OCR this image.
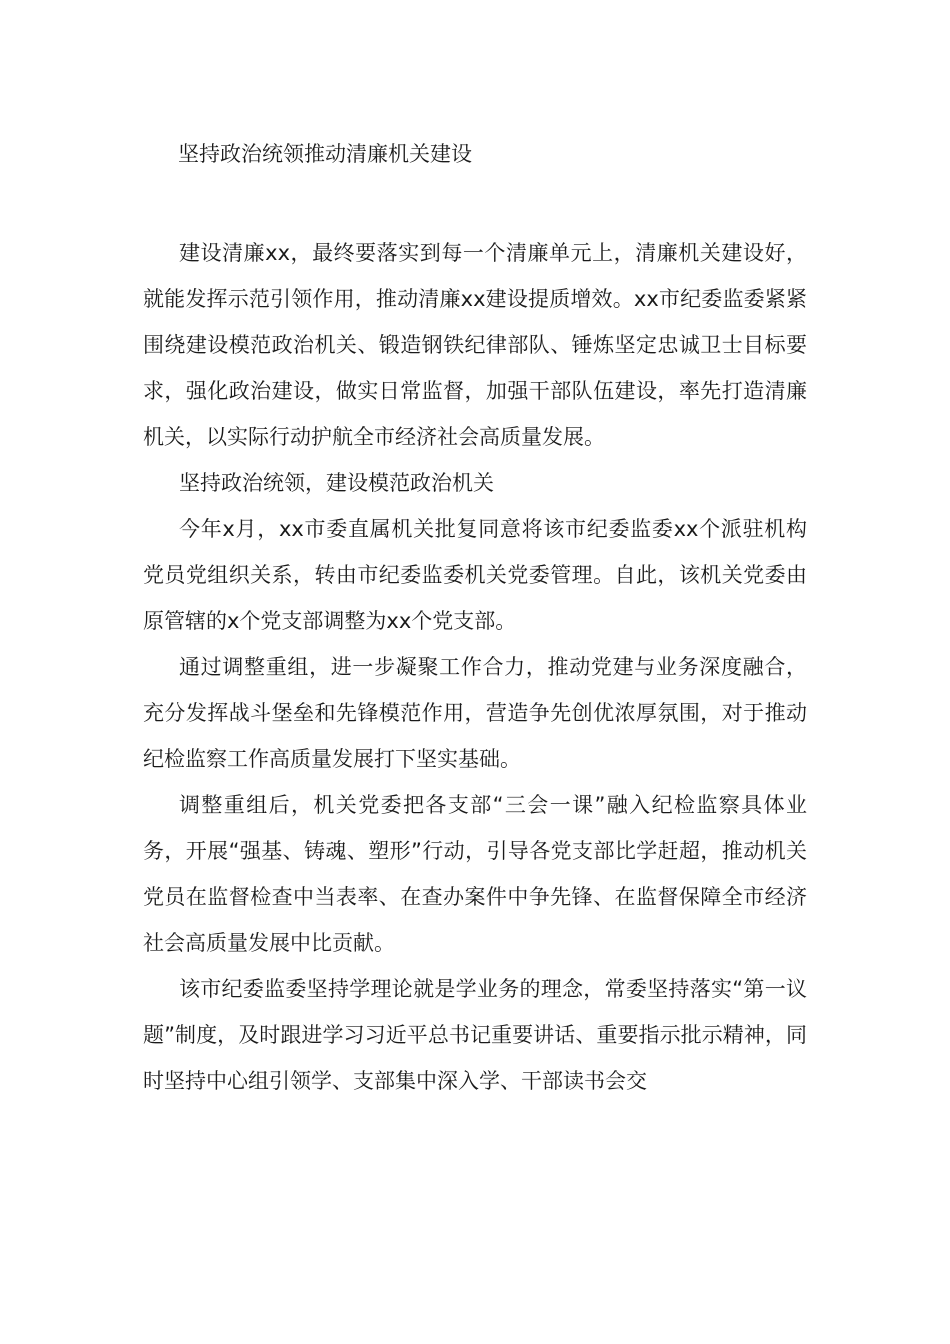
坚持政治统领推动清廉机关建设

建设清廉xx，最终要落实到每一个清廉单元上，清廉机关建设好，就能发挥示范引领作用，推动清廉xx建设提质增效。xx市纪委监委紧紧围绕建设模范政治机关、锻造钢铁纪律部队、锤炼坚定忠诚卫士目标要求，强化政治建设，做实日常监督，加强干部队伍建设，率先打造清廉机关，以实际行动护航全市经济社会高质量发展。

坚持政治统领，建设模范政治机关

今年x月，xx市委直属机关批复同意将该市纪委监委xx个派驻机构党员党组织关系，转由市纪委监委机关党委管理。自此，该机关党委由原管辖的x个党支部调整为xx个党支部。

通过调整重组，进一步凝聚工作合力，推动党建与业务深度融合，充分发挥战斗堡垒和先锋模范作用，营造争先创优浓厚氛围，对于推动纪检监察工作高质量发展打下坚实基础。

调整重组后，机关党委把各支部“三会一课”融入纪检监察具体业务，开展“强基、铸魂、塑形”行动，引导各党支部比学赶超，推动机关党员在监督检查中当表率、在查办案件中争先锋、在监督保障全市经济社会高质量发展中比贡献。

该市纪委监委坚持学理论就是学业务的理念，常委坚持落实“第一议题”制度，及时跟进学习习近平总书记重要讲话、重要指示批示精神，同时坚持中心组引领学、支部集中深入学、干部读书会交
